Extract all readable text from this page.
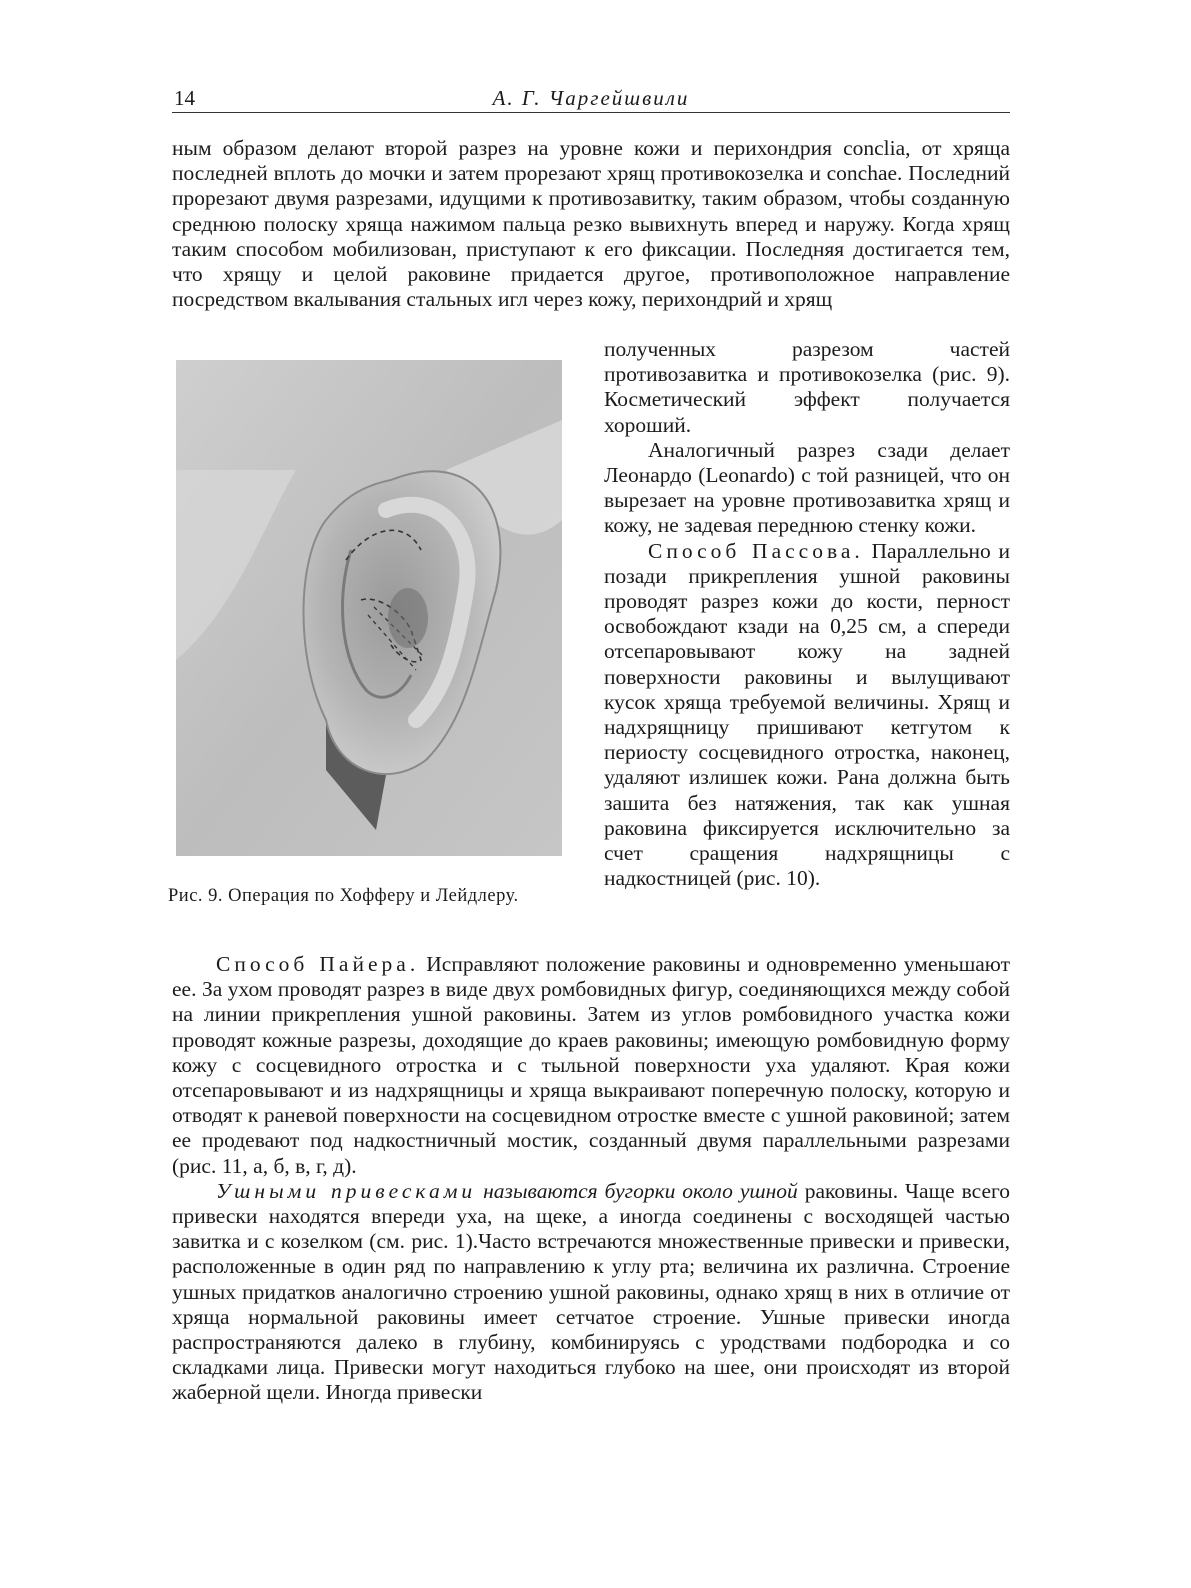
14	А. Г. Чаргейшвили

ным образом делают второй разрез на уровне кожи и перихондрия conclia, от хряща последней вплоть до мочки и затем прорезают хрящ противокозелка и conchae. Последний прорезают двумя разрезами, идущими к противозавитку, таким образом, чтобы созданную среднюю полоску хряща нажимом пальца резко вывихнуть вперед и наружу. Когда хрящ таким способом мобилизован, приступают к его фиксации. Последняя достигается тем, что хрящу и целой раковине придается другое, противоположное направление посредством вкалывания стальных игл через кожу, перихондрий и хрящ

Рис. 9. Операция по Хофферу и Лейдлеру.

полученных разрезом частей противозавитка и противокозелка (рис. 9). Косметический эффект получается хороший.

Аналогичный разрез сзади делает Леонардо (Leonardo) с той разницей, что он вырезает на уровне противозавитка хрящ и кожу, не задевая переднюю стенку кожи.

Способ Пассова. Параллельно и позади прикрепления ушной раковины проводят разрез кожи до кости, перност освобождают кзади на 0,25 см, а спереди отсепаровывают кожу на задней поверхности раковины и вылущивают кусок хряща требуемой величины. Хрящ и надхрящницу пришивают кетгутом к периосту сосцевидного отростка, наконец, удаляют излишек кожи. Рана должна быть зашита без натяжения, так как ушная раковина фиксируется исключительно за счет сращения надхрящницы с надкостницей (рис. 10).

Способ Пайера. Исправляют положение раковины и одновременно уменьшают ее. За ухом проводят разрез в виде двух ромбовидных фигур, соединяющихся между собой на линии прикрепления ушной раковины. Затем из углов ромбовидного участка кожи проводят кожные разрезы, доходящие до краев раковины; имеющую ромбовидную форму кожу с сосцевидного отростка и с тыльной поверхности уха удаляют. Края кожи отсепаровывают и из надхрящницы и хряща выкраивают поперечную полоску, которую и отводят к раневой поверхности на сосцевидном отростке вместе с ушной раковиной; затем ее продевают под надкостничный мостик, созданный двумя параллельными разрезами (рис. 11, а, б, в, г, д).

Ушными привесками называются бугорки около ушной раковины. Чаще всего привески находятся впереди уха, на щеке, а иногда соединены с восходящей частью завитка и с козелком (см. рис. 1).Часто встречаются множественные привески и привески, расположенные в один ряд по направлению к углу рта; величина их различна. Строение ушных придатков аналогично строению ушной раковины, однако хрящ в них в отличие от хряща нормальной раковины имеет сетчатое строение. Ушные привески иногда распространяются далеко в глубину, комбинируясь с уродствами подбородка и со складками лица. Привески могут находиться глубоко на шее, они происходят из второй жаберной щели. Иногда привески
